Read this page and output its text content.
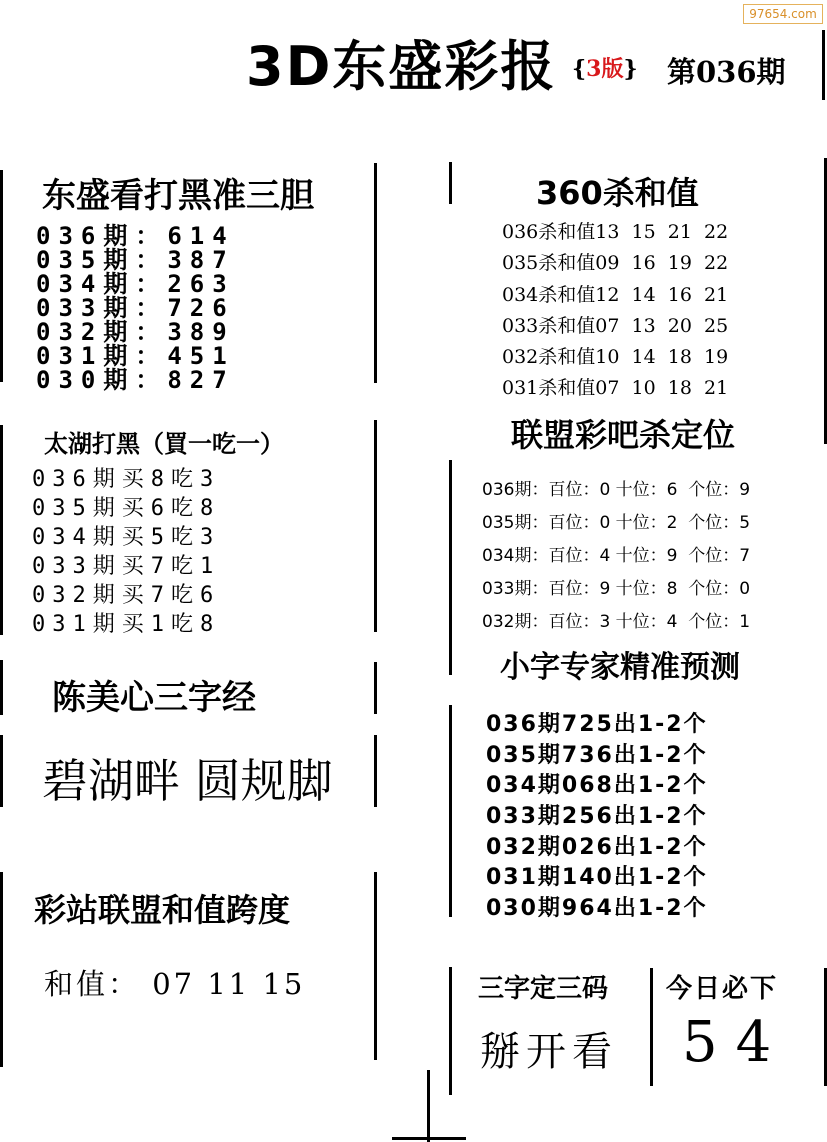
97654.com
3D东盛彩报 {3版} 第036期
东盛看打黑准三胆
036期：614
035期：387
034期：263
033期：726
032期：389
031期：451
030期：827
太湖打黑（買一吃一）
036期买8吃3
035期买6吃8
034期买5吃3
033期买7吃1
032期买7吃6
031期买1吃8
陈美心三字经
碧湖畔 圆规脚
彩站联盟和值跨度
和值： 07 11 15
360杀和值
036杀和值13  15  21  22
035杀和值09  16  19  22
034杀和值12  14  16  21
033杀和值07  13  20  25
032杀和值10  14  18  19
031杀和值07  10  18  21
联盟彩吧杀定位
036期：百位：0 十位：6  个位：9
035期：百位：0 十位：2  个位：5
034期：百位：4 十位：9  个位：7
033期：百位：9 十位：8  个位：0
032期：百位：3 十位：4  个位：1
小字专家精准预测
036期725出1-2个
035期736出1-2个
034期068出1-2个
033期256出1-2个
032期026出1-2个
031期140出1-2个
030期964出1-2个
三字定三码
掰开看
今日必下
54
